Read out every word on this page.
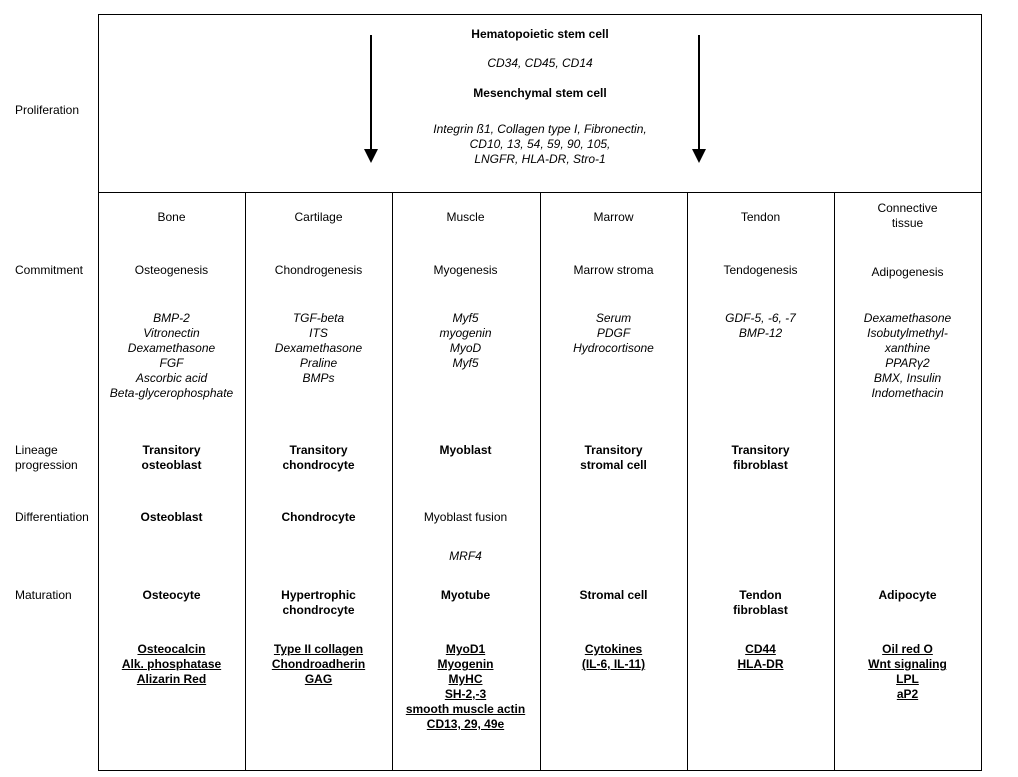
Proliferation
Commitment
Lineage
progression
Differentiation
Maturation
Hematopoietic stem cell
CD34, CD45, CD14
Mesenchymal stem cell
Integrin ß1, Collagen type I, Fibronectin,
CD10, 13, 54, 59, 90, 105,
LNGFR, HLA-DR, Stro-1
Bone
Osteogenesis
BMP-2
Vitronectin
Dexamethasone
FGF
Ascorbic acid
Beta-glycerophosphate
Transitory
osteoblast
Osteoblast
Osteocyte
Osteocalcin
Alk. phosphatase
Alizarin Red
Cartilage
Chondrogenesis
TGF-beta
ITS
Dexamethasone
Praline
BMPs
Transitory
chondrocyte
Chondrocyte
Hypertrophic
chondrocyte
Type II collagen
Chondroadherin
GAG
Muscle
Myogenesis
Myf5
myogenin
MyoD
Myf5
Myoblast
Myoblast fusion
MRF4
Myotube
MyoD1
Myogenin
MyHC
SH-2,-3
smooth muscle actin
CD13, 29, 49e
Marrow
Marrow stroma
Serum
PDGF
Hydrocortisone
Transitory
stromal cell
Stromal cell
Cytokines
(IL-6, IL-11)
Tendon
Tendogenesis
GDF-5, -6, -7
BMP-12
Transitory
fibroblast
Tendon
fibroblast
CD44
HLA-DR
Connective
tissue
Adipogenesis
Dexamethasone
Isobutylmethyl-
xanthine
PPARγ2
BMX, Insulin
Indomethacin
Adipocyte
Oil red O
Wnt signaling
LPL
aP2
